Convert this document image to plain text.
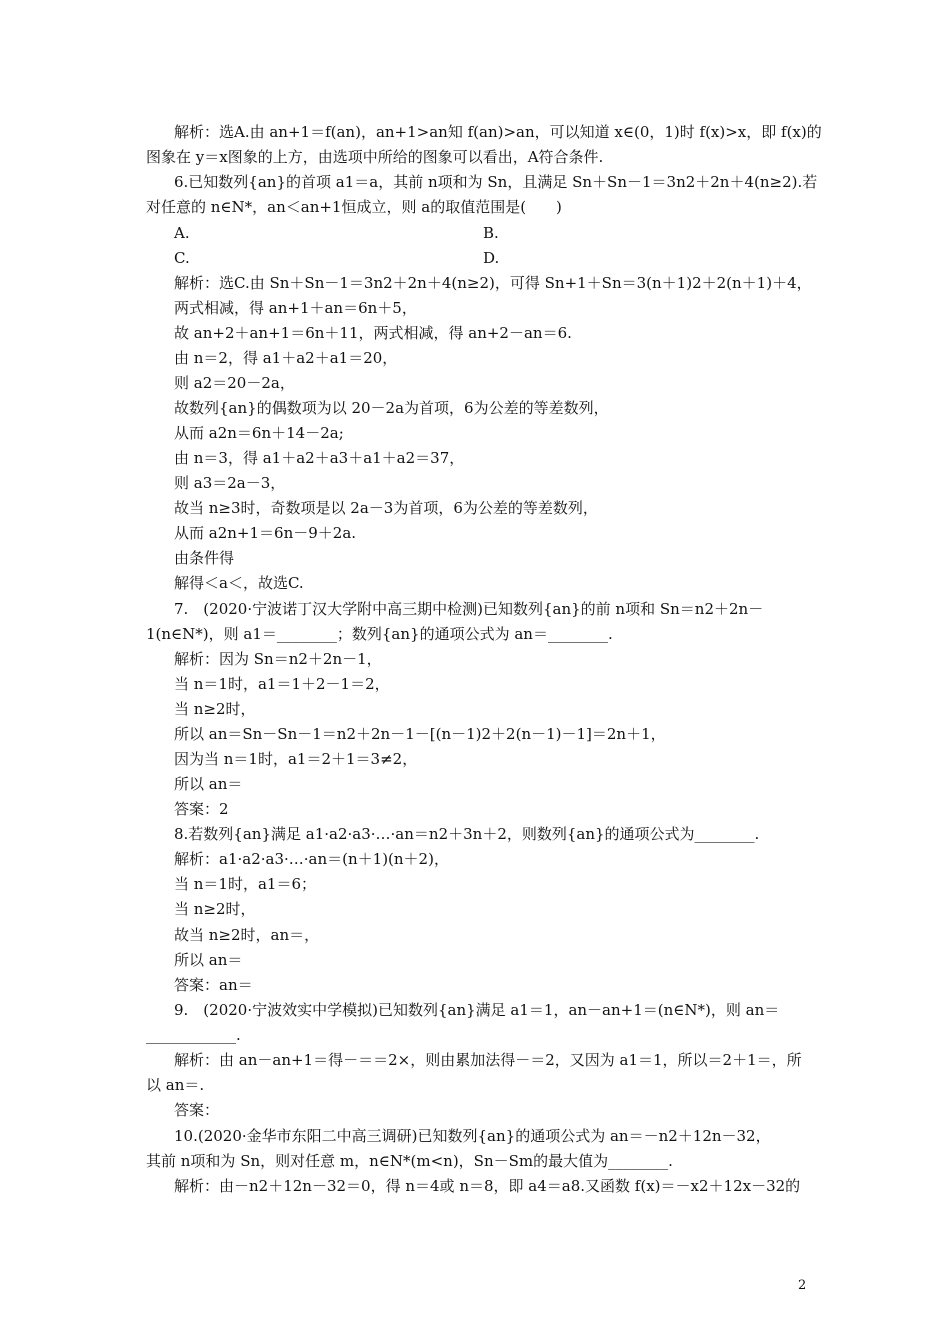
解析：选A.由 an+1＝f(an)，an+1>an知 f(an)>an，可以知道 x∈(0，1)时 f(x)>x，即 f(x)的
图象在 y＝x图象的上方，由选项中所给的图象可以看出，A符合条件.
6.已知数列{an}的首项 a1＝a，其前 n项和为 Sn，且满足 Sn＋Sn－1＝3n2＋2n＋4(n≥2).若
对任意的 n∈N*，an＜an+1恒成立，则 a的取值范围是(　　)
A.	B.
C.	D.
解析：选C.由 Sn＋Sn－1＝3n2＋2n＋4(n≥2)，可得 Sn+1＋Sn＝3(n＋1)2＋2(n＋1)＋4，
两式相减，得 an+1＋an＝6n＋5，
故 an+2＋an+1＝6n＋11，两式相减，得 an+2－an＝6.
由 n＝2，得 a1＋a2＋a1＝20，
则 a2＝20－2a，
故数列{an}的偶数项为以 20－2a为首项，6为公差的等差数列，
从而 a2n＝6n＋14－2a;
由 n＝3，得 a1＋a2＋a3＋a1＋a2＝37，
则 a3＝2a－3，
故当 n≥3时，奇数项是以 2a－3为首项，6为公差的等差数列，
从而 a2n+1＝6n－9＋2a.
由条件得
解得＜a＜，故选C.
7.　(2020·宁波诺丁汉大学附中高三期中检测)已知数列{an}的前 n项和 Sn＝n2＋2n－
1(n∈N*)，则 a1＝________；数列{an}的通项公式为 an＝________.
解析：因为 Sn＝n2＋2n－1，
当 n＝1时，a1＝1＋2－1＝2，
当 n≥2时，
所以 an＝Sn－Sn－1＝n2＋2n－1－[(n－1)2＋2(n－1)－1]＝2n＋1，
因为当 n＝1时，a1＝2＋1＝3≠2，
所以 an＝
答案：2
8.若数列{an}满足 a1·a2·a3·…·an＝n2＋3n＋2，则数列{an}的通项公式为________.
解析：a1·a2·a3·…·an＝(n＋1)(n＋2)，
当 n＝1时，a1＝6；
当 n≥2时，
故当 n≥2时，an＝，
所以 an＝
答案：an＝
9.　(2020·宁波效实中学模拟)已知数列{an}满足 a1＝1，an－an+1＝(n∈N*)，则 an＝
____________.
解析：由 an－an+1＝得－＝＝2×，则由累加法得－＝2，又因为 a1＝1，所以＝2＋1＝，所
以 an＝.
答案：
10.(2020·金华市东阳二中高三调研)已知数列{an}的通项公式为 an＝－n2＋12n－32，
其前 n项和为 Sn，则对任意 m，n∈N*(m<n)，Sn－Sm的最大值为________.
解析：由－n2＋12n－32＝0，得 n＝4或 n＝8，即 a4＝a8.又函数 f(x)＝－x2＋12x－32的
2
